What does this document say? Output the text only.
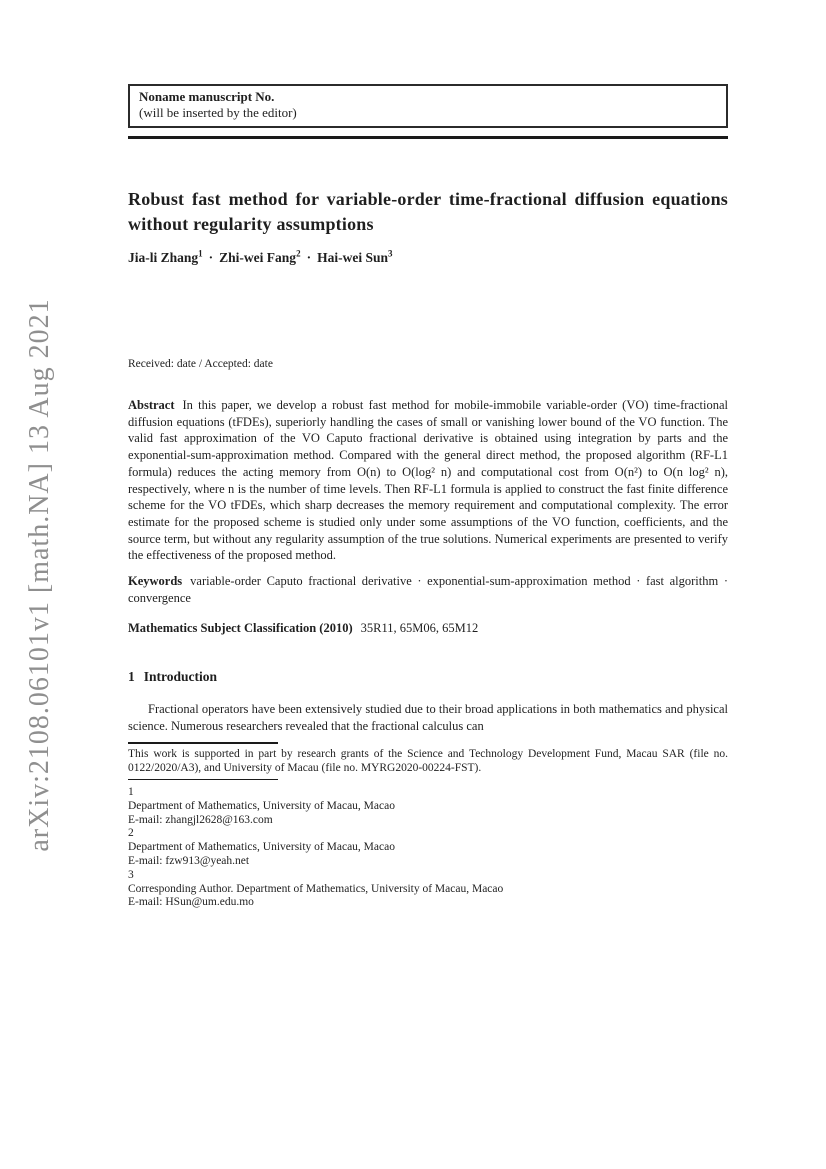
arXiv:2108.06101v1 [math.NA] 13 Aug 2021
Noname manuscript No.
(will be inserted by the editor)
Robust fast method for variable-order time-fractional diffusion equations without regularity assumptions
Jia-li Zhang$^1$ · Zhi-wei Fang$^2$ · Hai-wei Sun$^3$
Received: date / Accepted: date

Abstract In this paper, we develop a robust fast method for mobile-immobile variable-order (VO) time-fractional diffusion equations (tFDEs), superiorly handling the cases of small or vanishing lower bound of the VO function. The valid fast approximation of the VO Caputo fractional derivative is obtained using integration by parts and the exponential-sum-approximation method. Compared with the general direct method, the proposed algorithm (RF-L1 formula) reduces the acting memory from O(n) to O(log² n) and computational cost from O(n²) to O(n log² n), respectively, where n is the number of time levels. Then RF-L1 formula is applied to construct the fast finite difference scheme for the VO tFDEs, which sharp decreases the memory requirement and computational complexity. The error estimate for the proposed scheme is studied only under some assumptions of the VO function, coefficients, and the source term, but without any regularity assumption of the true solutions. Numerical experiments are presented to verify the effectiveness of the proposed method.

Keywords variable-order Caputo fractional derivative · exponential-sum-approximation method · fast algorithm · convergence

Mathematics Subject Classification (2010) 35R11, 65M06, 65M12

1 Introduction

Fractional operators have been extensively studied due to their broad applications in both mathematics and physical science. Numerous researchers revealed that the fractional calculus can

This work is supported in part by research grants of the Science and Technology Development Fund, Macau SAR (file no. 0122/2020/A3), and University of Macau (file no. MYRG2020-00224-FST).

1
Department of Mathematics, University of Macau, Macao
E-mail: zhangjl2628@163.com
2
Department of Mathematics, University of Macau, Macao
E-mail: fzw913@yeah.net
3
Corresponding Author. Department of Mathematics, University of Macau, Macao
E-mail: HSun@um.edu.mo
